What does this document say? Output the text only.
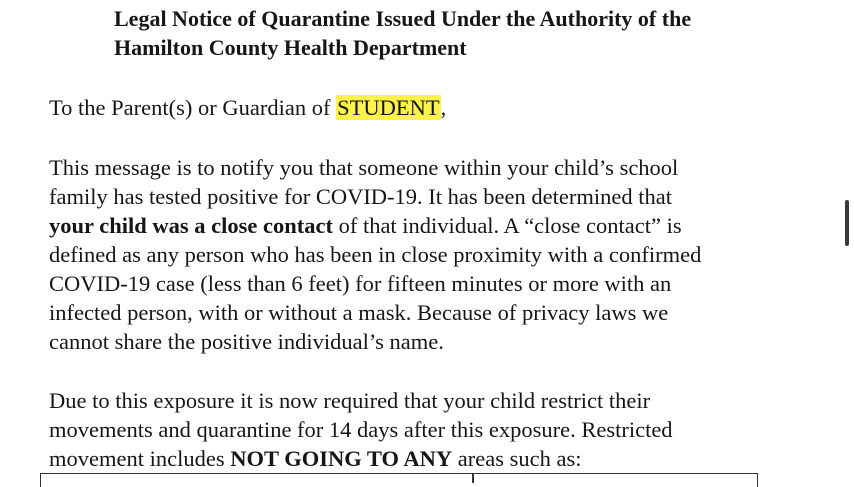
Legal Notice of Quarantine Issued Under the Authority of the
Hamilton County Health Department

To the Parent(s) or Guardian of STUDENT,

This message is to notify you that someone within your child’s school
family has tested positive for COVID-19. It has been determined that
your child was a close contact of that individual. A “close contact” is
defined as any person who has been in close proximity with a confirmed
COVID-19 case (less than 6 feet) for fifteen minutes or more with an
infected person, with or without a mask. Because of privacy laws we
cannot share the positive individual’s name.

Due to this exposure it is now required that your child restrict their
movements and quarantine for 14 days after this exposure. Restricted
movement includes NOT GOING TO ANY areas such as:
